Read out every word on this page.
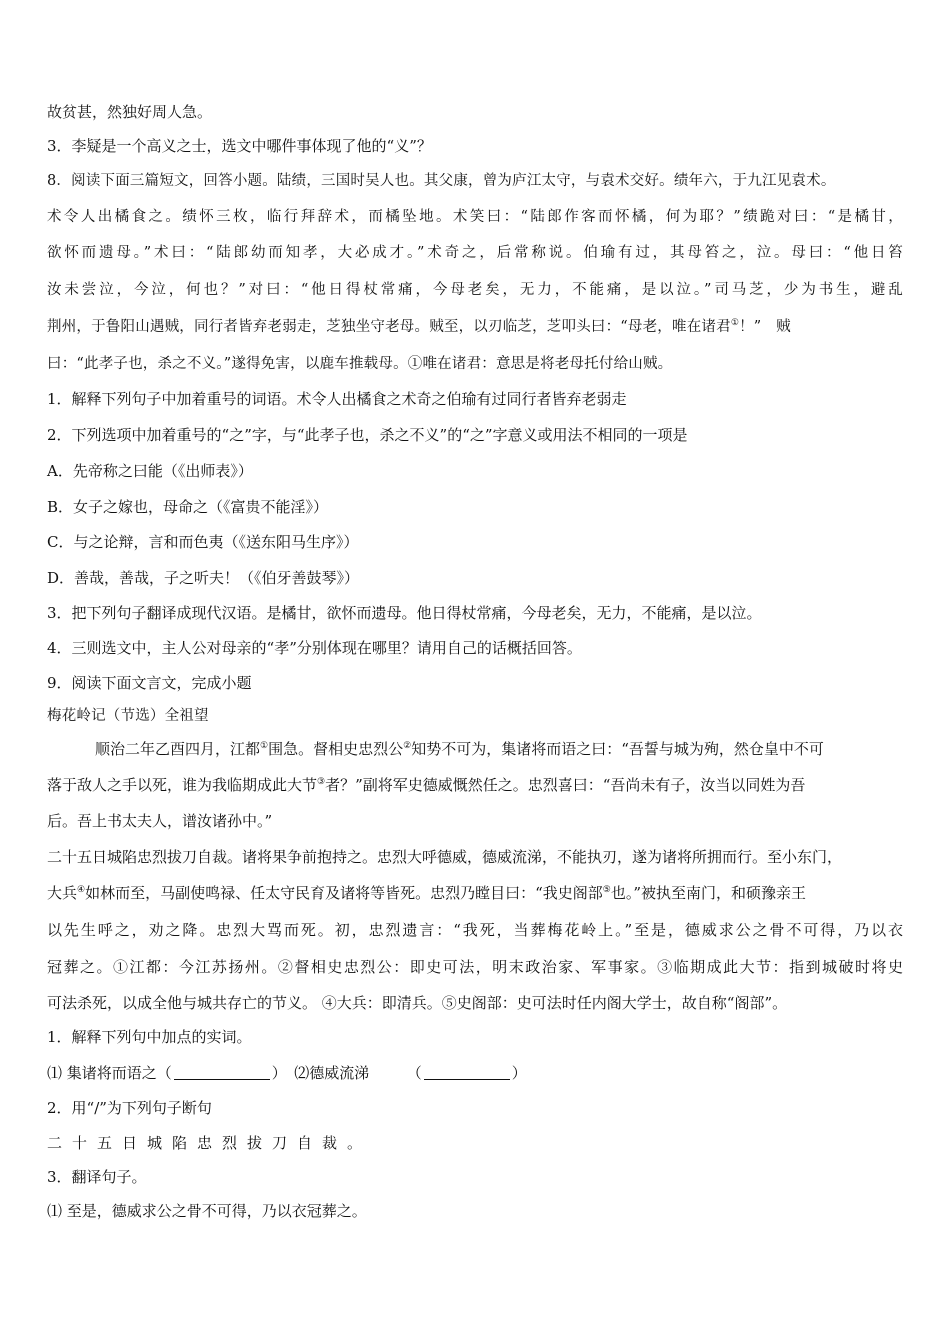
故贫甚，然独好周人急。
3．李疑是一个高义之士，选文中哪件事体现了他的“义”？
8．阅读下面三篇短文，回答小题。陆绩，三国时吴人也。其父康，曾为庐江太守，与袁术交好。绩年六，于九江见袁术。
术令人出橘食之。绩怀三枚，临行拜辞术，而橘坠地。术笑曰：“陆郎作客而怀橘，何为耶？”绩跪对曰：“是橘甘，
欲怀而遗母。”术曰：“陆郎幼而知孝，大必成才。”术奇之，后常称说。伯瑜有过，其母笞之，泣。母曰：“他日笞
汝未尝泣，今泣，何也？”对曰：“他日得杖常痛，今母老矣，无力，不能痛，是以泣。”司马芝，少为书生，避乱
荆州，于鲁阳山遇贼，同行者皆弃老弱走，芝独坐守老母。贼至，以刃临芝，芝叩头曰：“母老，唯在诸君①！”　贼
曰：“此孝子也，杀之不义。”遂得免害，以鹿车推载母。①唯在诸君：意思是将老母托付给山贼。
1．解释下列句子中加着重号的词语。术令人出橘食之术奇之伯瑜有过同行者皆弃老弱走
2．下列选项中加着重号的“之”字，与“此孝子也，杀之不义”的“之”字意义或用法不相同的一项是
A．先帝称之曰能（《出师表》）
B．女子之嫁也，母命之（《富贵不能淫》）
C．与之论辩，言和而色夷（《送东阳马生序》）
D．善哉，善哉，子之听夫！（《伯牙善鼓琴》）
3．把下列句子翻译成现代汉语。是橘甘，欲怀而遗母。他日得杖常痛，今母老矣，无力，不能痛，是以泣。
4．三则选文中，主人公对母亲的“孝”分别体现在哪里？请用自己的话概括回答。
9．阅读下面文言文，完成小题
梅花岭记（节选）全祖望
顺治二年乙酉四月，江都①围急。督相史忠烈公②知势不可为，集诸将而语之曰：“吾誓与城为殉，然仓皇中不可
落于敌人之手以死，谁为我临期成此大节③者？”副将军史德威慨然任之。忠烈喜曰：“吾尚未有子，汝当以同姓为吾
后。吾上书太夫人，谱汝诸孙中。”
二十五日城陷忠烈拔刀自裁。诸将果争前抱持之。忠烈大呼德威，德威流涕，不能执刃，遂为诸将所拥而行。至小东门，
大兵④如林而至，马副使鸣禄、任太守民育及诸将等皆死。忠烈乃瞠目曰：“我史阁部⑤也。”被执至南门，和硕豫亲王
以先生呼之，劝之降。忠烈大骂而死。初，忠烈遗言：“我死，当葬梅花岭上。”至是，德威求公之骨不可得，乃以衣
冠葬之。①江都：今江苏扬州。②督相史忠烈公：即史可法，明末政治家、军事家。③临期成此大节：指到城破时将史
可法杀死，以成全他与城共存亡的节义。 ④大兵：即清兵。⑤史阁部：史可法时任内阁大学士，故自称“阁部”。
1．解释下列句中加点的实词。
⑴ 集诸将而语之（	）　⑵德威流涕　　　（	）
2．用“/”为下列句子断句
二十五日城陷忠烈拔刀自裁。
3．翻译句子。
⑴ 至是，德威求公之骨不可得，乃以衣冠葬之。
